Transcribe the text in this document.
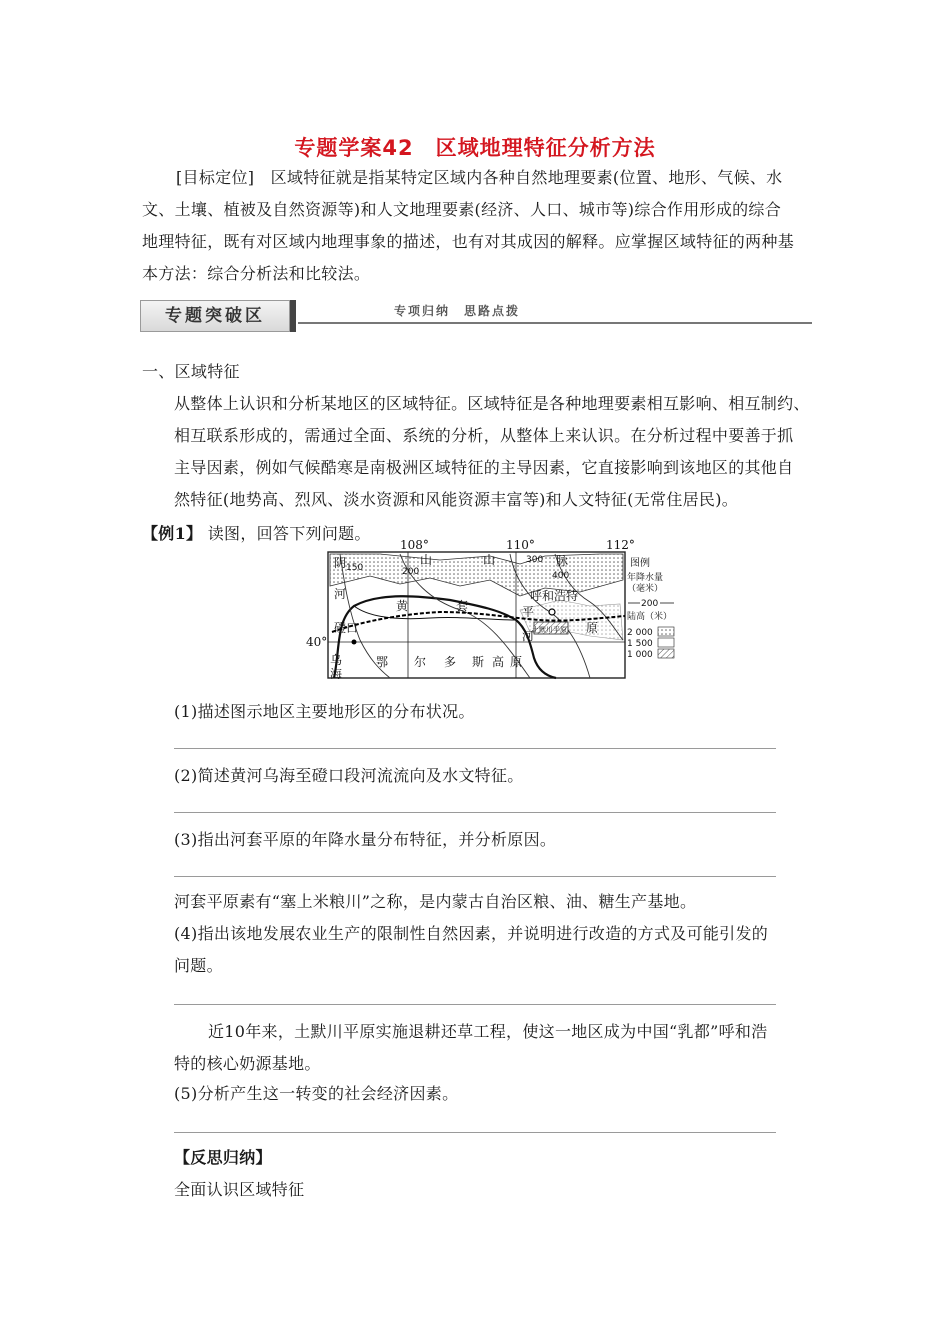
专题学案42　区域地理特征分析方法
[目标定位]　 区域特征就是指某特定区域内各种自然地理要素(位置、地形、气候、水
文、土壤、植被及自然资源等)和人文地理要素(经济、人口、城市等)综合作用形成的综合
地理特征，既有对区域内地理事象的描述，也有对其成因的解释。应掌握区域特征的两种基
本方法：综合分析法和比较法。
专题突破区	专项归纳　思路点拨
一、区域特征
从整体上认识和分析某地区的区域特征。区域特征是各种地理要素相互影响、相互制约、
相互联系形成的，需通过全面、系统的分析，从整体上来认识。在分析过程中要善于抓
主导因素，例如气候酷寒是南极洲区域特征的主导因素，它直接影响到该地区的其他自
然特征(地势高、烈风、淡水资源和风能资源丰富等)和人文特征(无常住居民)。
【例1】 读图，回答下列问题。
108°	110°	112°
40°
阴	山	山	脉
河
黄	套
磴口
乌
海
鄂 尔 多 斯 高 原
呼和浩特
平
河
原
150	200
300
400
土默川平原
图例
年降水量
（毫米）
200
陆高（米）
2 000
1 500
1 000
(1)描述图示地区主要地形区的分布状况。
(2)简述黄河乌海至磴口段河流流向及水文特征。
(3)指出河套平原的年降水量分布特征，并分析原因。
河套平原素有“塞上米粮川”之称，是内蒙古自治区粮、油、糖生产基地。
(4)指出该地发展农业生产的限制性自然因素，并说明进行改造的方式及可能引发的
问题。
近10年来，土默川平原实施退耕还草工程，使这一地区成为中国“乳都”呼和浩
特的核心奶源基地。
(5)分析产生这一转变的社会经济因素。
【反思归纳】
全面认识区域特征
